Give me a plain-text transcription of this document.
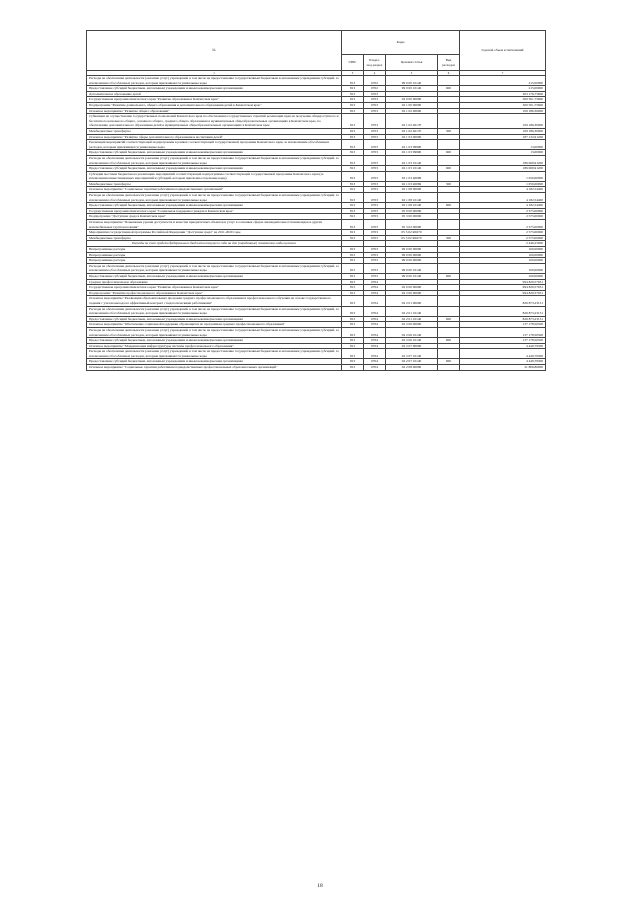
№	Коды				Годовой объем ассигнований
	ГРБС	Раздел, под-раздел	Целевая статья	Вид расходов	
1	3	4	5	6	7
Расходы на обеспечение деятельности (оказание услуг) учреждений, в том числе на предоставление государственным бюджетным и автономным учреждениям субсидий, за исключением обособленных расходов, которым присваиваются уникальные коды	813	0702	99 0 00 10140		215,00000
Предоставление субсидий бюджетным, автономным учреждениям и иным некоммерческим организациям	813	0702	99 0 00 10140	600	215,00000
Дополнительное образование детей	813	0703			303 176,75600
Государственная программа Камчатского края "Развитие образования в Камчатском крае"	813	0703	02 0 00 00000		300 501,75600
Подпрограмма "Развитие дошкольного, общего образования и дополнительного образования детей в Камчатском крае"	813	0703	02 1 00 00000		300 501,75600
Основное мероприятие "Развитие общего образования"	813	0703	02 1 02 00000		109 186,30000
Субвенции на осуществление государственных полномочий Камчатского края по обеспечению государственных гарантий реализации прав на получение общедоступного и бесплатного начального общего, основного общего, среднего общего образования в муниципальных общеобразовательных организациях в Камчатском крае, по обеспечению дополнительного образования детей в муниципальных общеобразовательных организациях в Камчатском крае	813	0703	02 1 02 40170		109 186,30000
Межбюджетные трансферты	813	0703	02 1 02 40170	500	109 186,30000
Основное мероприятие "Развитие сферы дополнительного образования и воспитания детей"	813	0703	02 1 03 00000		187 132,91200
Реализация мероприятий соответствующей подпрограммы в рамках соответствующей государственной программы Камчатского края, за исключением обособленных расходов, которым присваиваются уникальные коды	813	0703	02 1 03 09990		13,00000
Предоставление субсидий бюджетным, автономным учреждениям и иным некоммерческим организациям	813	0703	02 1 03 09990	600	13,00000
Расходы на обеспечение деятельности (оказание услуг) учреждений, в том числе на предоставление государственным бюджетным и автономным учреждениям субсидий, за исключением обособленных расходов, которым присваиваются уникальные коды	813	0703	02 1 03 10140		186 069,91200
Предоставление субсидий бюджетным, автономным учреждениям и иным некоммерческим организациям	813	0703	02 1 03 10140	600	186 069,91200
Субсидии местным бюджетам на реализацию мероприятий соответствующей подпрограммы соответствующей государственной программы Камчатского края (за исключением инвестиционных мероприятий и субсидий, которым присвоены отдельные коды)	813	0703	02 1 03 40069		1 050,00000
Межбюджетные трансферты	813	0703	02 1 03 40069	500	1 050,00000
Основное мероприятие "Социальные гарантии работникам подведомственных организаций"	813	0703	02 1 08 00000		4 182,54400
Расходы на обеспечение деятельности (оказание услуг) учреждений, в том числе на предоставление государственным бюджетным и автономным учреждениям субсидий, за исключением обособленных расходов, которым присваиваются уникальные коды	813	0703	02 1 08 10140		4 182,54400
Предоставление субсидий бюджетным, автономным учреждениям и иным некоммерческим организациям	813	0703	02 1 08 10140	600	4 182,54400
Государственная программа Камчатского края "Социальная поддержка граждан в Камчатском крае"	813	0703	05 0 00 00000		2 575,00000
Подпрограмма "Доступная среда в Камчатском крае"	813	0703	05 3 00 00000		2 575,00000
Основное мероприятие "Повышение уровня доступности и качества приоритетных объектов и услуг в основных сферах жизнедеятельности инвалидов и других маломобильных групп населения"	813	0703	05 3 02 00000		2 575,00000
Мероприятия государственной программы Российской Федерации "Доступная среда" на 2011-2020 годы	813	0703	05 3 02 R0270		2 575,00000
Межбюджетные трансферты	813	0703	05 3 02 R0270	500	2 575,00000
Расходы за счет средств федерального бюджета текущего года на доп (переданные) полномочия, коды целевых					2 446,25000
Непрограммные расходы	813	0703	99 0 00 00000		100,00000
Непрограммные расходы	813	0703	99 0 00 00000		100,00000
Непрограммные расходы	813	0703	99 0 00 00000		100,00000
Расходы на обеспечение деятельности (оказание услуг) учреждений, в том числе на предоставление государственным бюджетным и автономным учреждениям субсидий, за исключением обособленных расходов, которым присваиваются уникальные коды	813	0703	99 0 00 10140		100,00000
Предоставление субсидий бюджетным, автономным учреждениям и иным некоммерческим организациям	813	0703	99 0 00 10140	600	100,00000
Среднее профессиональное образование	813	0704			994 829,57931
Государственная программа Камчатского края "Развитие образования в Камчатском крае"	813	0704	02 0 00 00000		994 829,57931
Подпрограмма "Развитие профессионального образования в Камчатском крае"	813	0704	02 2 00 00000		994 829,57931
Основное мероприятие "Реализация образовательных программ среднего профессионального образования и профессионального обучения на основе государственного задания с учетом выхода на эффективный контракт с педагогическими работниками"	813	0704	02 2 01 00000		826 873,23131
Расходы на обеспечение деятельности (оказание услуг) учреждений, в том числе на предоставление государственным бюджетным и автономным учреждениям субсидий, за исключением обособленных расходов, которым присваиваются уникальные коды	813	0704	02 2 01 10140		826 873,23131
Предоставление субсидий бюджетным, автономным учреждениям и иным некоммерческим организациям	813	0704	02 2 01 10140	600	826 873,23131
Основное мероприятие "Обеспечение социальной поддержки обучающихся по программам среднего профессионального образования"	813	0704	02 2 06 00000		137 178,50500
Расходы на обеспечение деятельности (оказание услуг) учреждений, в том числе на предоставление государственным бюджетным и автономным учреждениям субсидий, за исключением обособленных расходов, которым присваиваются уникальные коды	813	0704	02 2 06 10140		137 178,50500
Предоставление субсидий бюджетным, автономным учреждениям и иным некоммерческим организациям	813	0704	02 2 06 10140	600	137 178,50500
Основное мероприятие "Модернизация инфраструктуры системы профессионального образования"	813	0704	02 2 07 00000		4 449,79300
Расходы на обеспечение деятельности (оказание услуг) учреждений, в том числе на предоставление государственным бюджетным и автономным учреждениям субсидий, за исключением обособленных расходов, которым присваиваются уникальные коды	813	0704	02 2 07 10140		4 449,79300
Предоставление субсидий бюджетным, автономным учреждениям и иным некоммерческим организациям	813	0704	02 2 07 10140	600	4 449,79300
Основное мероприятие "Социальные гарантии работникам подведомственных профессиональных образовательных организаций"	813	0704	02 2 08 00000		21 806,86000
18
